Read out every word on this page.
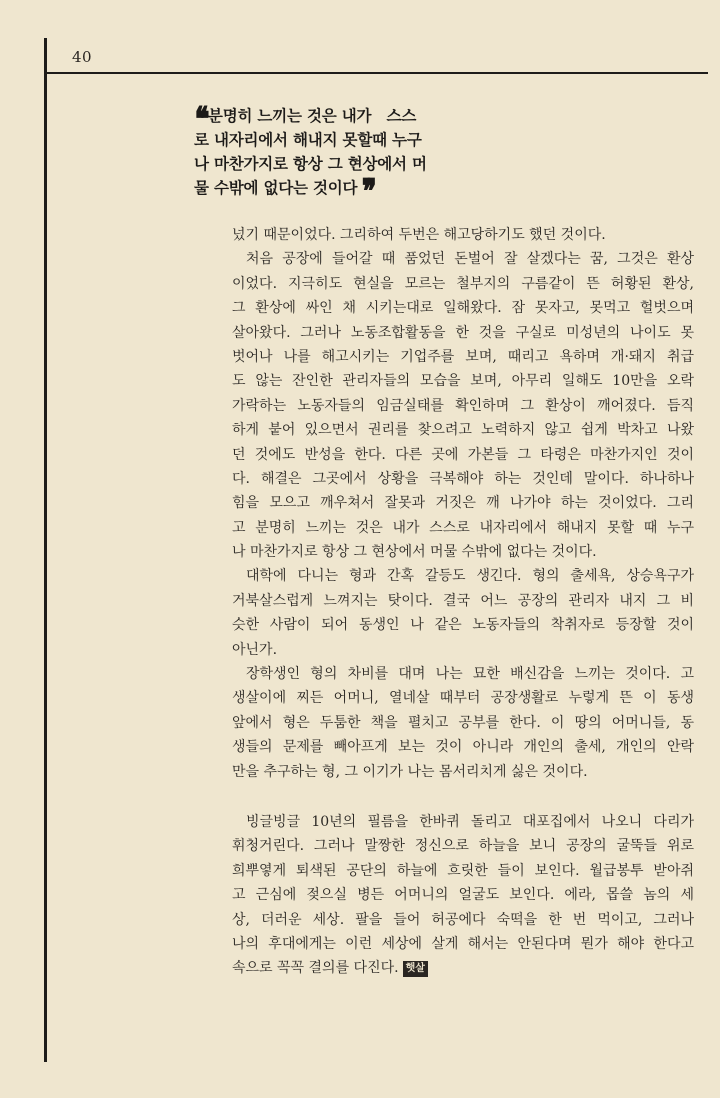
40
❛❛ 분명히 느끼는 것은 내가　스스
로 내자리에서 해내지 못할때 누구
나 마찬가지로 항상 그 현상에서 머
물 수밖에 없다는 것이다 ❜❜
넜기 때문이었다. 그리하여 두번은 해고당하기도 했던 것이다.
처음 공장에 들어갈 때 품었던 돈벌어 잘 살겠다는 꿈, 그것은 환상
이었다. 지극히도 현실을 모르는 철부지의 구름같이 뜬 허황된 환상,
그 환상에 싸인 채 시키는대로 일해왔다. 잠 못자고, 못먹고 헐벗으며
살아왔다. 그러나 노동조합활동을 한 것을 구실로 미성년의 나이도 못
벗어나 나를 해고시키는 기업주를 보며, 때리고 욕하며 개·돼지 취급
도 않는 잔인한 관리자들의 모습을 보며, 아무리 일해도 10만을 오락
가락하는 노동자들의 임금실태를 확인하며 그 환상이 깨어졌다. 듬직
하게 붙어 있으면서 권리를 찾으려고 노력하지 않고 쉽게 박차고 나왔
던 것에도 반성을 한다. 다른 곳에 가본들 그 타령은 마찬가지인 것이
다. 해결은 그곳에서 상황을 극복해야 하는 것인데 말이다. 하나하나
힘을 모으고 깨우쳐서 잘못과 거짓은 깨 나가야 하는 것이었다. 그리
고 분명히 느끼는 것은 내가 스스로 내자리에서 해내지 못할 때 누구
나 마찬가지로 항상 그 현상에서 머물 수밖에 없다는 것이다.
대학에 다니는 형과 간혹 갈등도 생긴다. 형의 출세욕, 상승욕구가
거북살스럽게 느껴지는 탓이다. 결국 어느 공장의 관리자 내지 그 비
슷한 사람이 되어 동생인 나 같은 노동자들의 착취자로 등장할 것이
아닌가.
장학생인 형의 차비를 대며 나는 묘한 배신감을 느끼는 것이다. 고
생살이에 찌든 어머니, 열네살 때부터 공장생활로 누렇게 뜬 이 동생
앞에서 형은 두툼한 책을 펼치고 공부를 한다. 이 땅의 어머니들, 동
생들의 문제를 빼아프게 보는 것이 아니라 개인의 출세, 개인의 안락
만을 추구하는 형, 그 이기가 나는 몸서리치게 싫은 것이다.
빙글빙글 10년의 필름을 한바퀴 돌리고 대포집에서 나오니 다리가
휘청거린다. 그러나 말짱한 정신으로 하늘을 보니 공장의 굴뚝들 위로
희뿌옇게 퇴색된 공단의 하늘에 흐릿한 들이 보인다. 월급봉투 받아쥐
고 근심에 젖으실 병든 어머니의 얼굴도 보인다. 에라, 몹쓸 놈의 세
상, 더러운 세상. 팔을 들어 허공에다 숙떡을 한 번 먹이고, 그러나
나의 후대에게는 이런 세상에 살게 해서는 안된다며 뭔가 해야 한다고
속으로 꼭꼭 결의를 다진다. 햇살
